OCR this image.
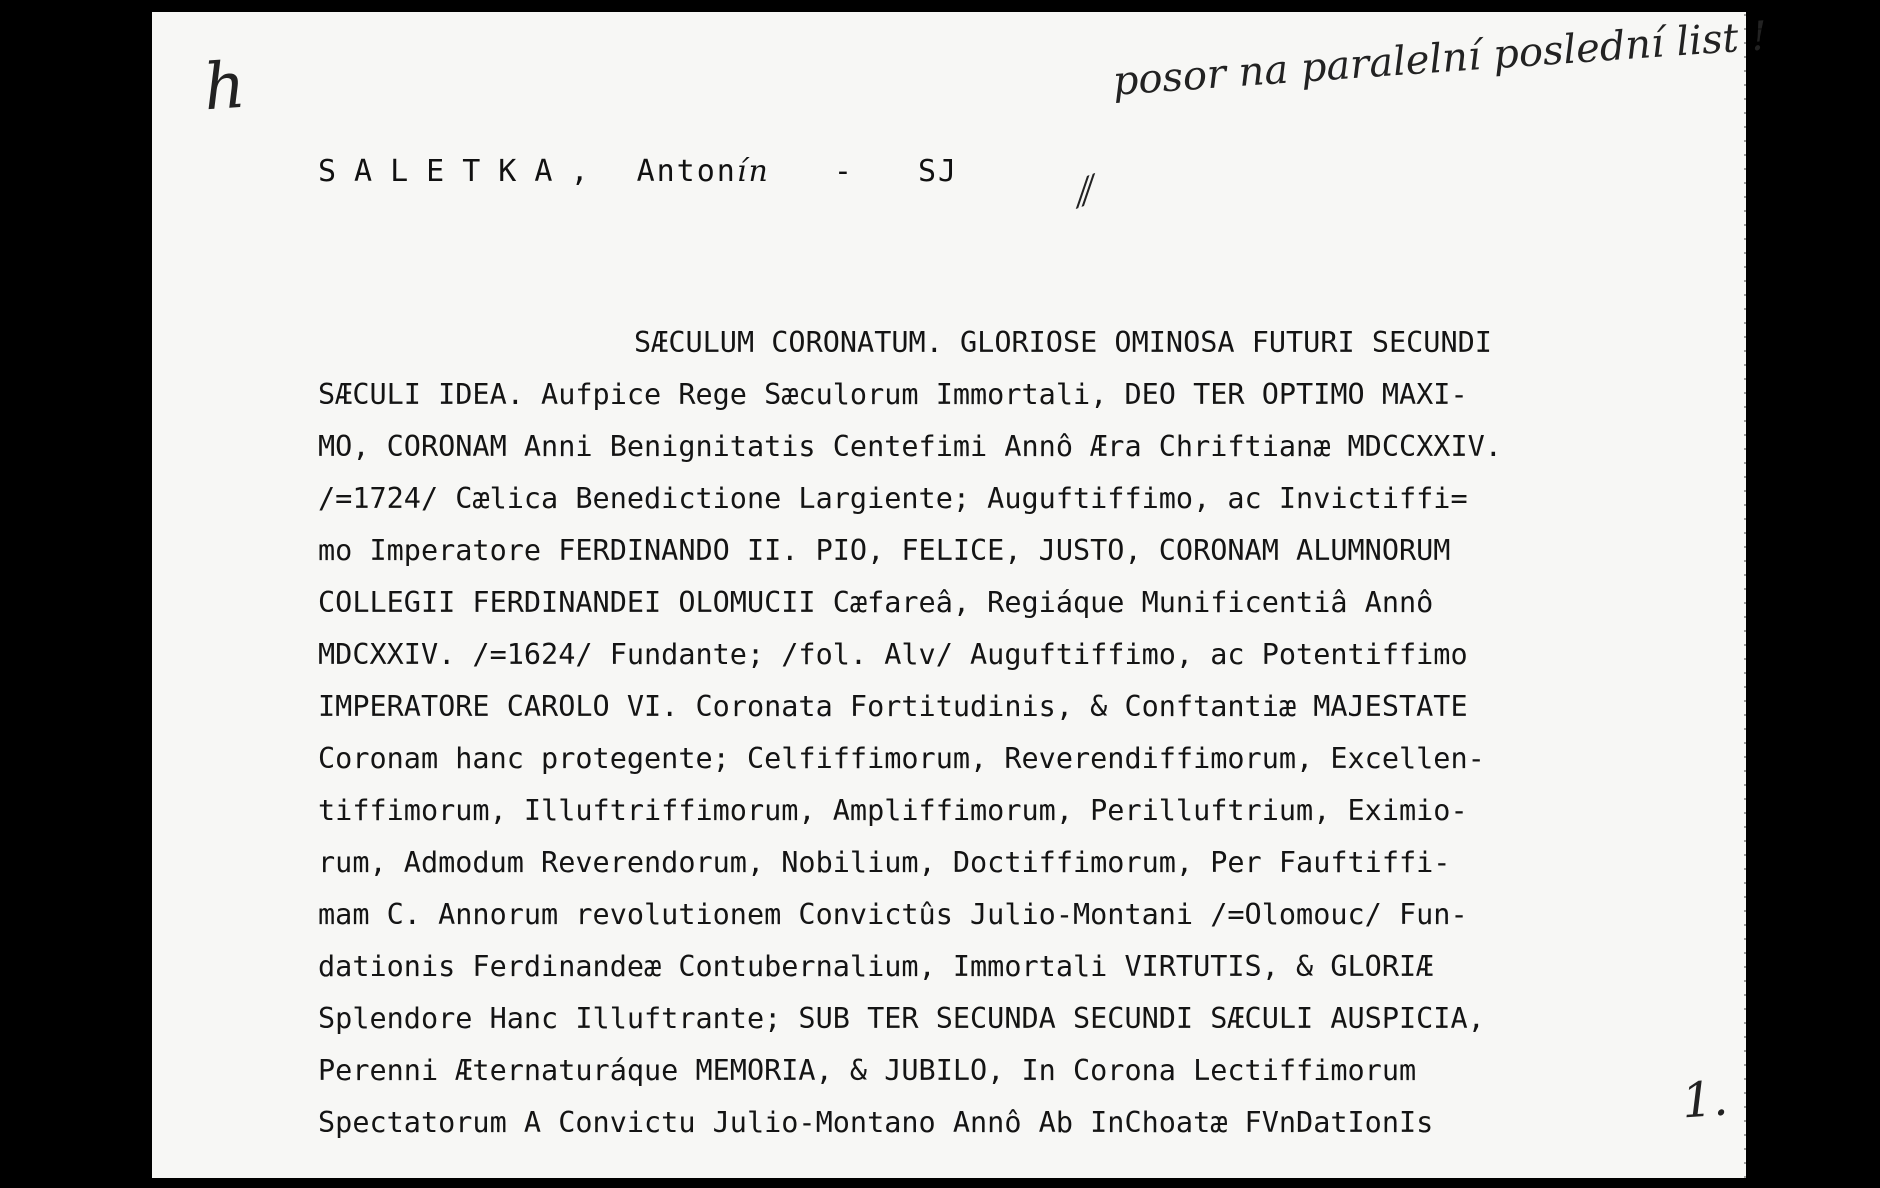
h	posor na paralelní poslední list !
⁄⁄
SALETKA, Antonín - SJ
SÆCULUM CORONATUM. GLORIOSE OMINOSA FUTURI SECUNDI
SÆCULI IDEA. Aufpice Rege Sæculorum Immortali, DEO TER OPTIMO MAXI-
MO, CORONAM Anni Benignitatis Centefimi Annô Æra Chriftianæ MDCCXXIV.
/=1724/ Cælica Benedictione Largiente; Auguftiffimo, ac Invictiffi=
mo Imperatore FERDINANDO II. PIO, FELICE, JUSTO, CORONAM ALUMNORUM
COLLEGII FERDINANDEI OLOMUCII Cæfareâ, Regiáque Munificentiâ Annô
MDCXXIV. /=1624/ Fundante; /fol. Alv/ Auguftiffimo, ac Potentiffimo
IMPERATORE CAROLO VI. Coronata Fortitudinis, & Conftantiæ MAJESTATE
Coronam hanc protegente; Celfiffimorum, Reverendiffimorum, Excellen-
tiffimorum, Illuftriffimorum, Ampliffimorum, Perilluftrium, Eximio-
rum, Admodum Reverendorum, Nobilium, Doctiffimorum, Per Fauftiffi-
mam C. Annorum revolutionem Convictûs Julio-Montani /=Olomouc/ Fun-
dationis Ferdinandeæ Contubernalium, Immortali VIRTUTIS, & GLORIÆ
Splendore Hanc Illuftrante; SUB TER SECUNDA SECUNDI SÆCULI AUSPICIA,
Perenni Æternaturáque MEMORIA, & JUBILO, In Corona Lectiffimorum
Spectatorum A Convictu Julio-Montano Annô Ab InChoatæ FVnDatIonIs	1.
